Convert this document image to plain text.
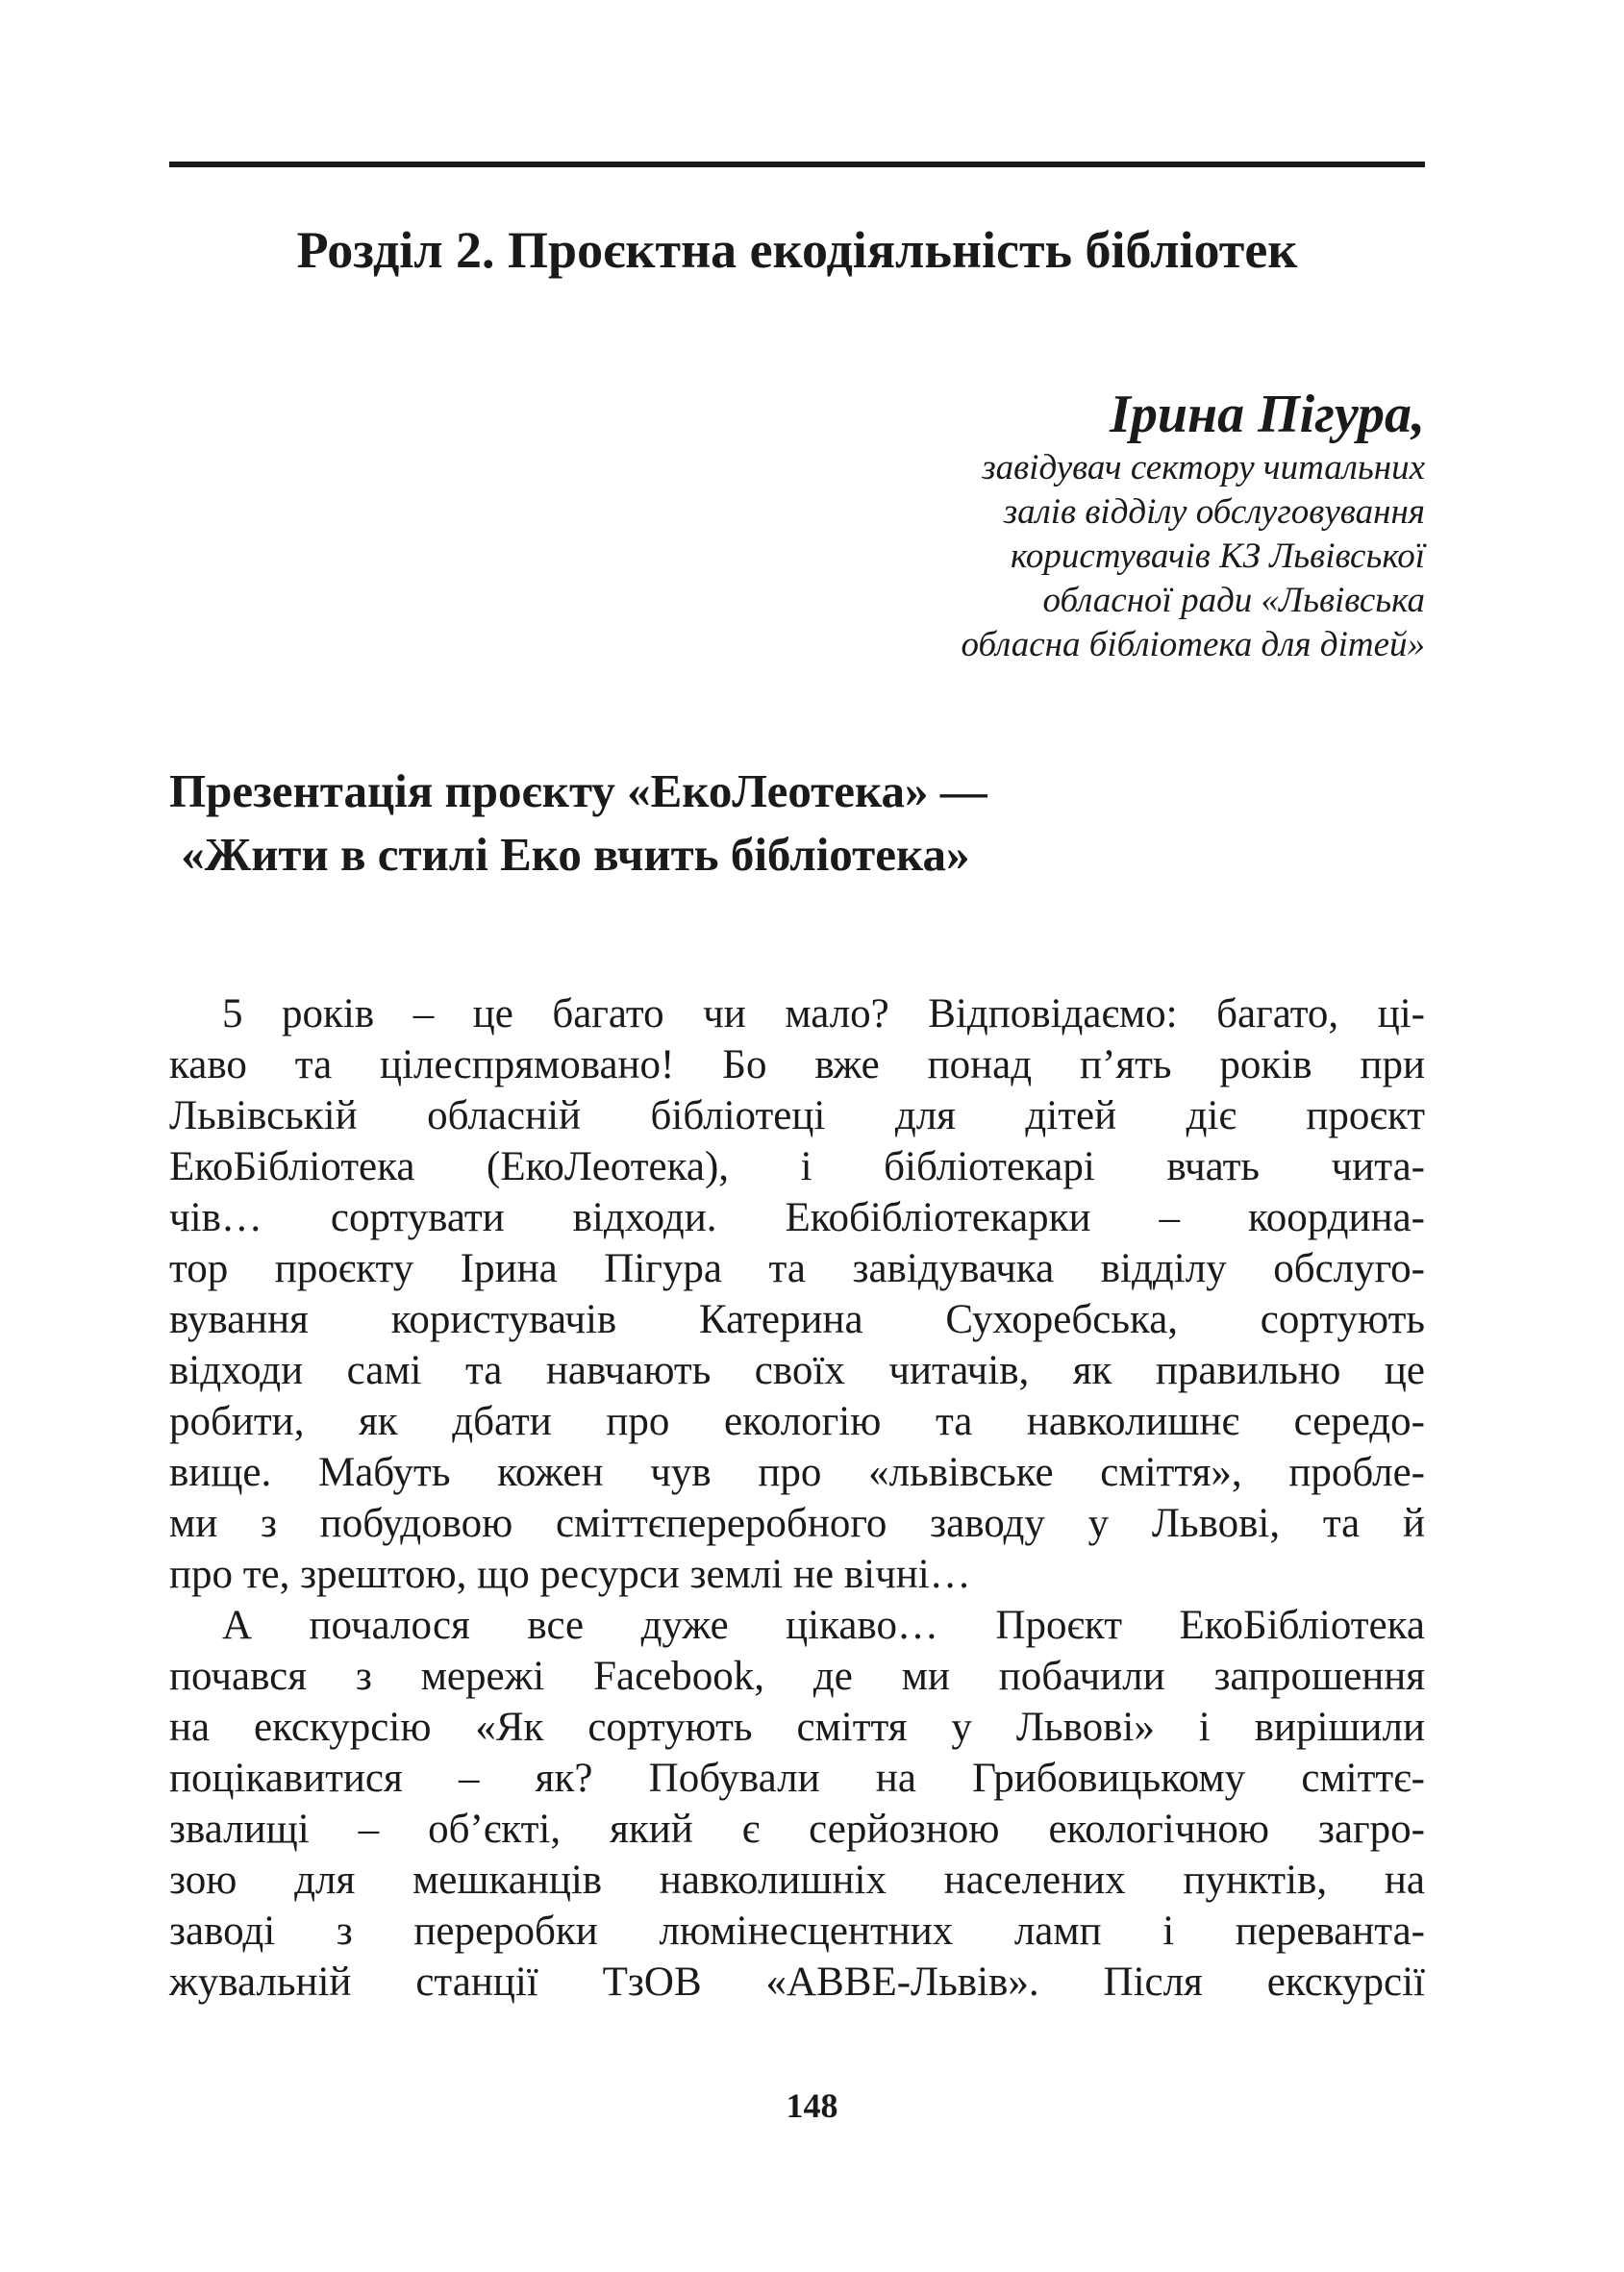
Розділ 2. Проєктна екодіяльність бібліотек

Ірина Пігура,

завідувач сектору читальних
залів відділу обслуговування
користувачів КЗ Львівської
обласної ради «Львівська
обласна бібліотека для дітей»

Презентація проєкту «ЕкоЛеотека» —
«Жити в стилі Еко вчить бібліотека»
5 років – це багато чи мало? Відповідаємо: багато, ці-
каво та цілеспрямовано! Бо вже понад п’ять років при
Львівській обласній бібліотеці для дітей діє проєкт
ЕкоБібліотека (ЕкоЛеотека), і бібліотекарі вчать чита-
чів… сортувати відходи. Екобібліотекарки – координа-
тор проєкту Ірина Пігура та завідувачка відділу обслуго-
вування користувачів Катерина Сухоребська, сортують
відходи самі та навчають своїх читачів, як правильно це
робити, як дбати про екологію та навколишнє середо-
вище. Мабуть кожен чув про «львівське сміття», пробле-
ми з побудовою сміттєпереробного заводу у Львові, та й
про те, зрештою, що ресурси землі не вічні…
А почалося все дуже цікаво… Проєкт ЕкоБібліотека
почався з мережі Facebook, де ми побачили запрошення
на екскурсію «Як сортують сміття у Львові» і вирішили
поцікавитися – як? Побували на Грибовицькому сміттє-
звалищі – об’єкті, який є серйозною екологічною загро-
зою для мешканців навколишніх населених пунктів, на
заводі з переробки люмінесцентних ламп і переванта-
жувальній станції ТзОВ «АВВЕ-Львів». Після екскурсії

148
